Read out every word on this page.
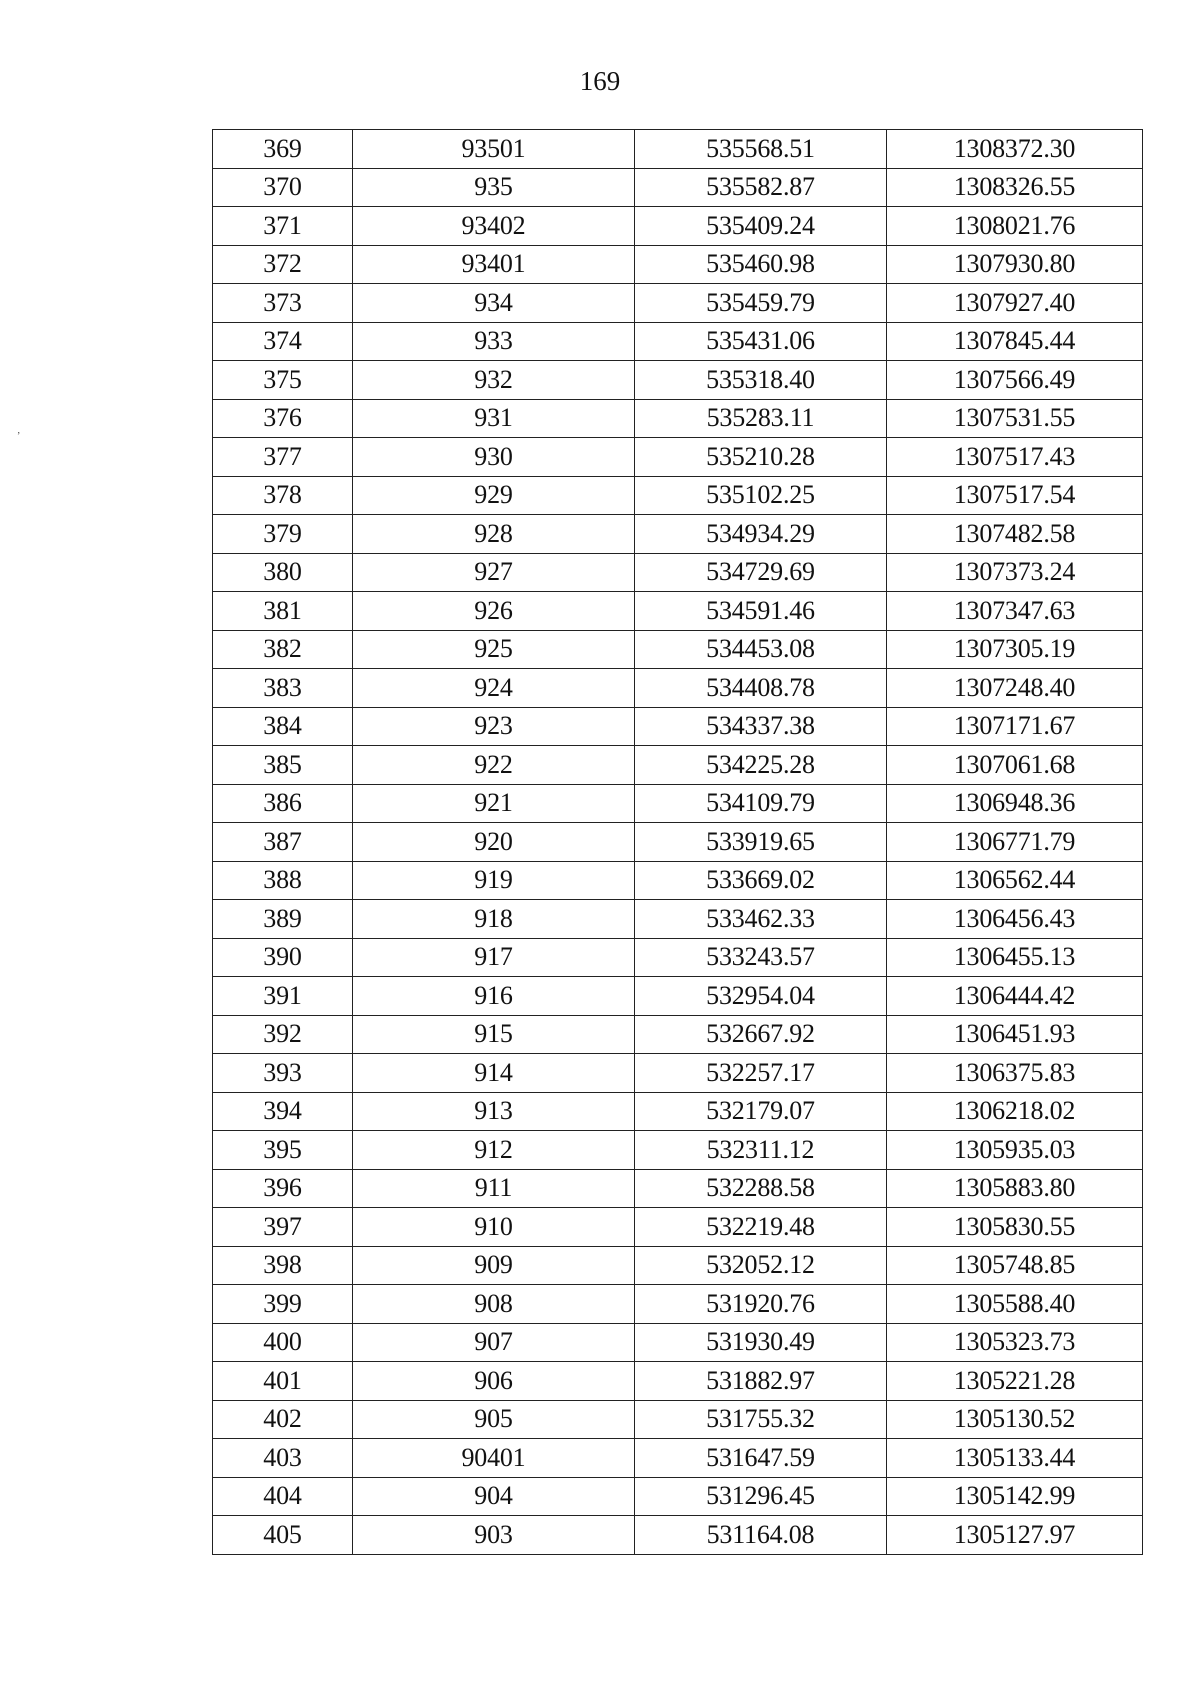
169
’
369	93501	535568.51	1308372.30
370	935	535582.87	1308326.55
371	93402	535409.24	1308021.76
372	93401	535460.98	1307930.80
373	934	535459.79	1307927.40
374	933	535431.06	1307845.44
375	932	535318.40	1307566.49
376	931	535283.11	1307531.55
377	930	535210.28	1307517.43
378	929	535102.25	1307517.54
379	928	534934.29	1307482.58
380	927	534729.69	1307373.24
381	926	534591.46	1307347.63
382	925	534453.08	1307305.19
383	924	534408.78	1307248.40
384	923	534337.38	1307171.67
385	922	534225.28	1307061.68
386	921	534109.79	1306948.36
387	920	533919.65	1306771.79
388	919	533669.02	1306562.44
389	918	533462.33	1306456.43
390	917	533243.57	1306455.13
391	916	532954.04	1306444.42
392	915	532667.92	1306451.93
393	914	532257.17	1306375.83
394	913	532179.07	1306218.02
395	912	532311.12	1305935.03
396	911	532288.58	1305883.80
397	910	532219.48	1305830.55
398	909	532052.12	1305748.85
399	908	531920.76	1305588.40
400	907	531930.49	1305323.73
401	906	531882.97	1305221.28
402	905	531755.32	1305130.52
403	90401	531647.59	1305133.44
404	904	531296.45	1305142.99
405	903	531164.08	1305127.97
